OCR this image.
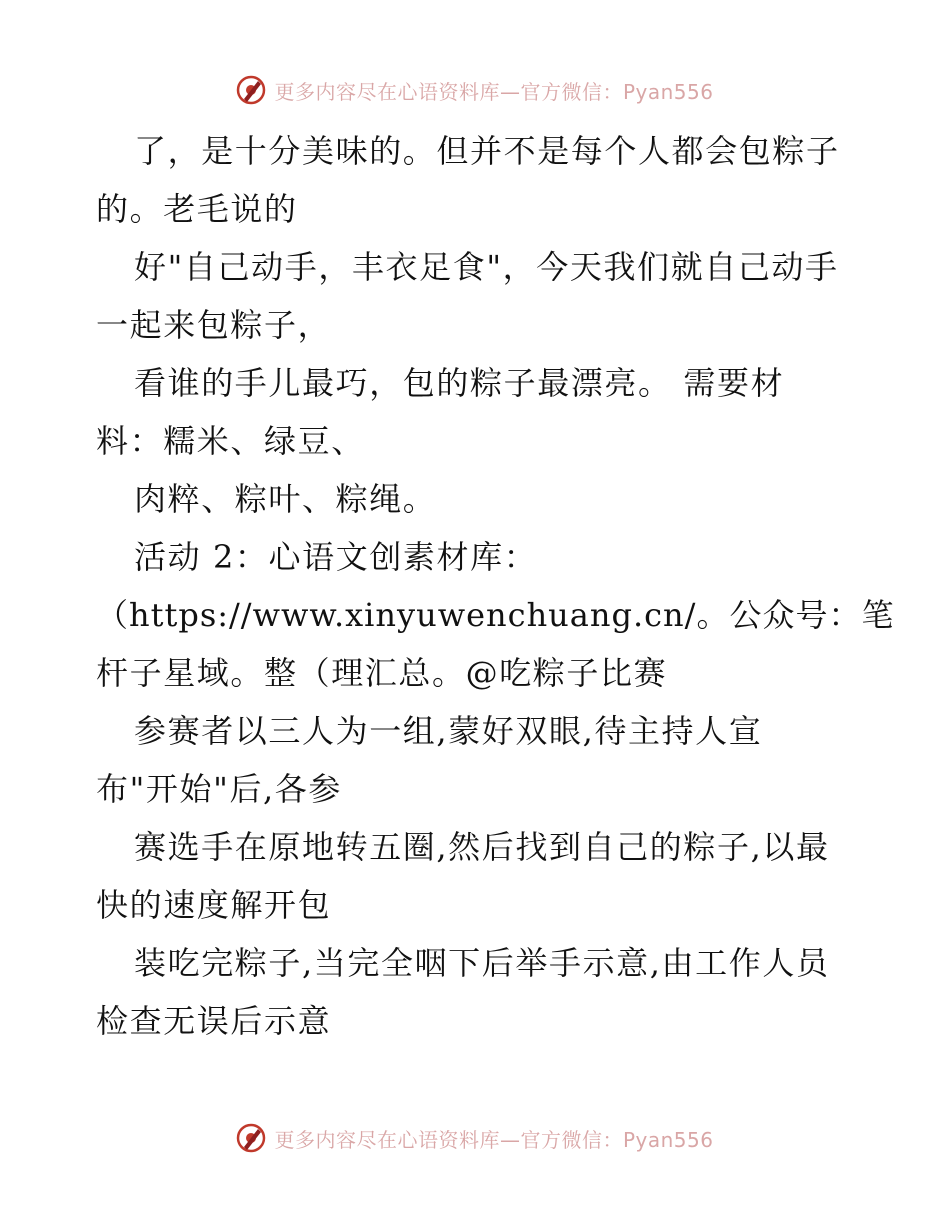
更多内容尽在心语资料库—官方微信：Pyan556
了，是十分美味的。但并不是每个人都会包粽子
的。老毛说的
好"自己动手，丰衣足食"，今天我们就自己动手
一起来包粽子，
看谁的手儿最巧，包的粽子最漂亮。 需要材
料：糯米、绿豆、
肉粹、粽叶、粽绳。
活动 2：心语文创素材库：
（https://www.xinyuwenchuang.cn/。公众号：笔
杆子星域。整（理汇总。@吃粽子比赛
参赛者以三人为一组,蒙好双眼,待主持人宣
布"开始"后,各参
赛选手在原地转五圈,然后找到自己的粽子,以最
快的速度解开包
装吃完粽子,当完全咽下后举手示意,由工作人员
检查无误后示意
更多内容尽在心语资料库—官方微信：Pyan556
